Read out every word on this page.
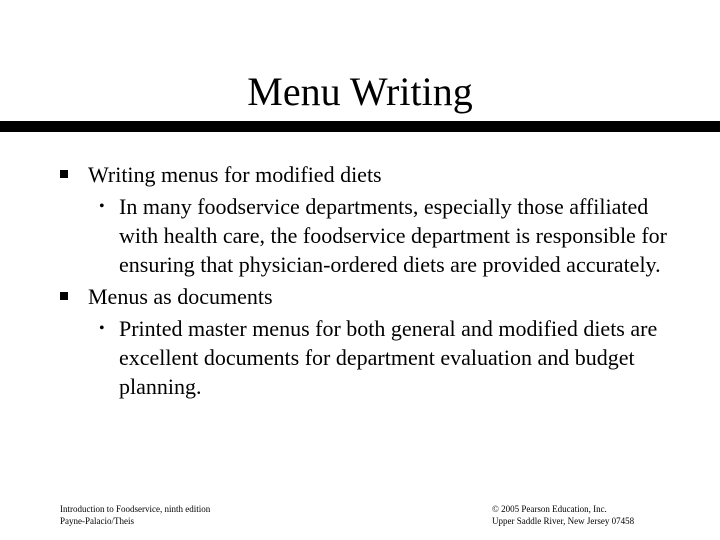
Menu Writing
Writing menus for modified diets
• In many foodservice departments, especially those affiliated with health care, the foodservice department is responsible for ensuring that physician-ordered diets are provided accurately.
Menus as documents
• Printed master menus for both general and modified diets are excellent documents for department evaluation and budget planning.
Introduction to Foodservice, ninth edition
Payne-Palacio/Theis
© 2005 Pearson Education, Inc.
Upper Saddle River, New Jersey 07458
